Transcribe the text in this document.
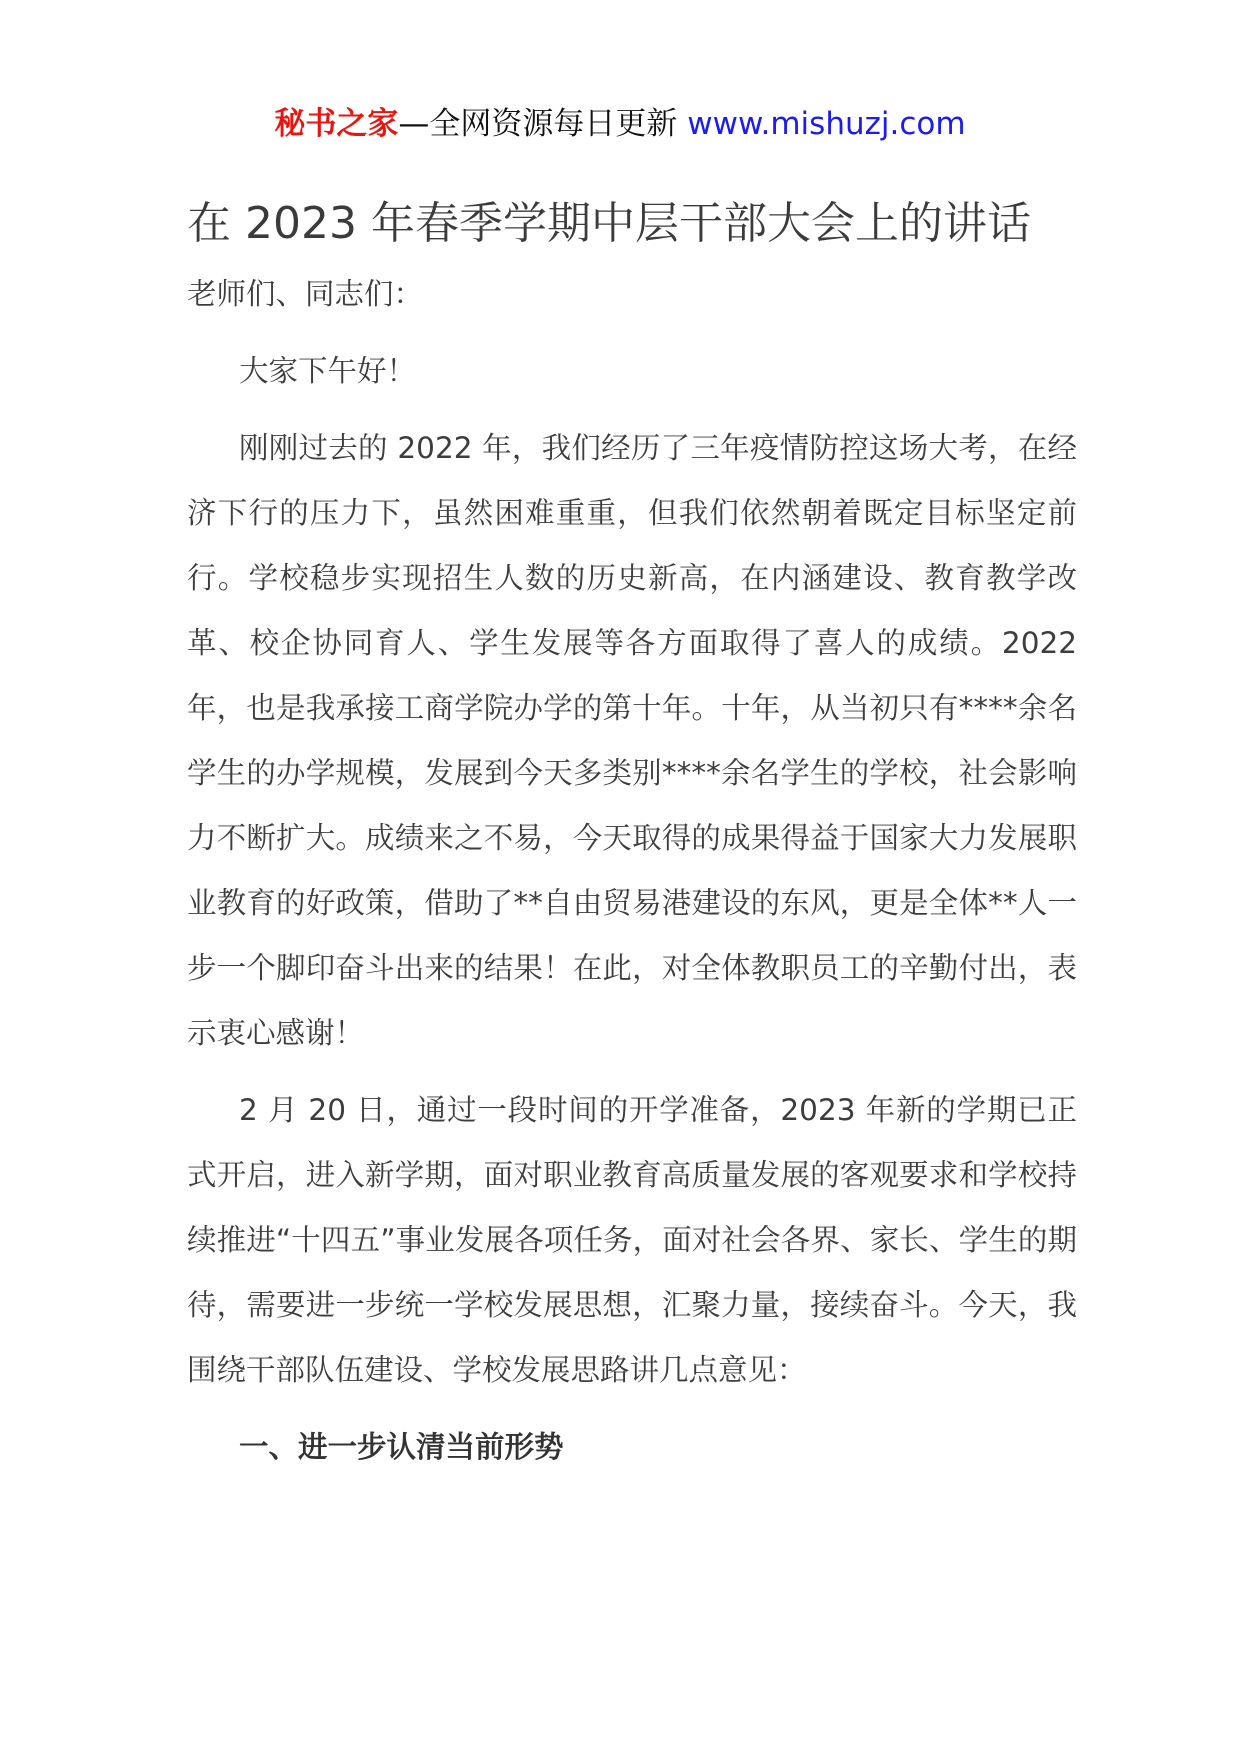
秘书之家—全网资源每日更新 www.mishuzj.com
在 2023 年春季学期中层干部大会上的讲话

老师们、同志们：

大家下午好！

刚刚过去的 2022 年，我们经历了三年疫情防控这场大考，在经济下行的压力下，虽然困难重重，但我们依然朝着既定目标坚定前行。学校稳步实现招生人数的历史新高，在内涵建设、教育教学改革、校企协同育人、学生发展等各方面取得了喜人的成绩。2022 年，也是我承接工商学院办学的第十年。十年，从当初只有****余名学生的办学规模，发展到今天多类别****余名学生的学校，社会影响力不断扩大。成绩来之不易，今天取得的成果得益于国家大力发展职业教育的好政策，借助了**自由贸易港建设的东风，更是全体**人一步一个脚印奋斗出来的结果！在此，对全体教职员工的辛勤付出，表示衷心感谢！

2 月 20 日，通过一段时间的开学准备，2023 年新的学期已正式开启，进入新学期，面对职业教育高质量发展的客观要求和学校持续推进“十四五”事业发展各项任务，面对社会各界、家长、学生的期待，需要进一步统一学校发展思想，汇聚力量，接续奋斗。今天，我围绕干部队伍建设、学校发展思路讲几点意见：

一、进一步认清当前形势
